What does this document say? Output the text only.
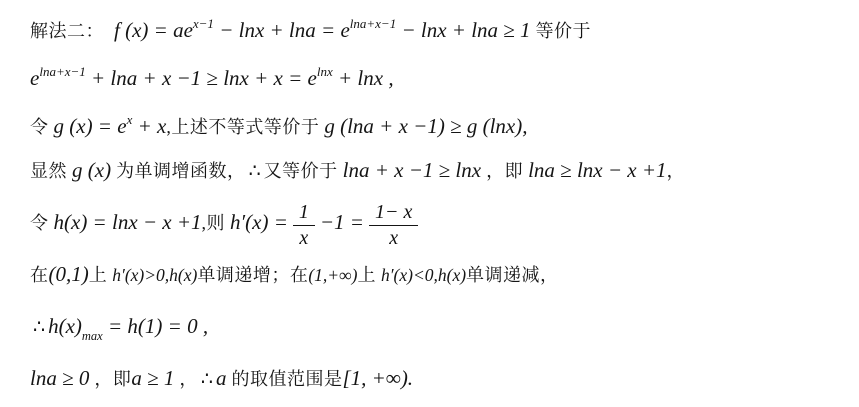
解法二： f $(x) = ae^{x-1} - \ln x + \ln a = e^{lna+x-1} - \ln x + \ln a \ge 1$ 等价于
$e^{lna+x-1} + \ln a + x -1 \ge \ln x + x = e^{lnx} + \ln x$ ,
令 g $(x) = e^x + x$,上述不等式等价于 g (lna + x −1) ≥ g (lnx),
显然 g (x) 为单调增函数， ∴ 又等价于 lna + x −1 ≥ lnx ，即 lna ≥ lnx − x +1，
令 h(x) = lnx − x +1,则 $h'(x) = \frac{1}{x} -1 = \frac{1- x}{x}$
在(0,1)上 h′(x)>0,h(x)单调递增；在(1,+∞)上 h′(x)<0,h(x)单调递减，
∴ $h(x)_{max} = h(1) = 0$ ,
lna ≥ 0 ，即a ≥ 1 ， ∴ a 的取值范围是[1, +∞).
